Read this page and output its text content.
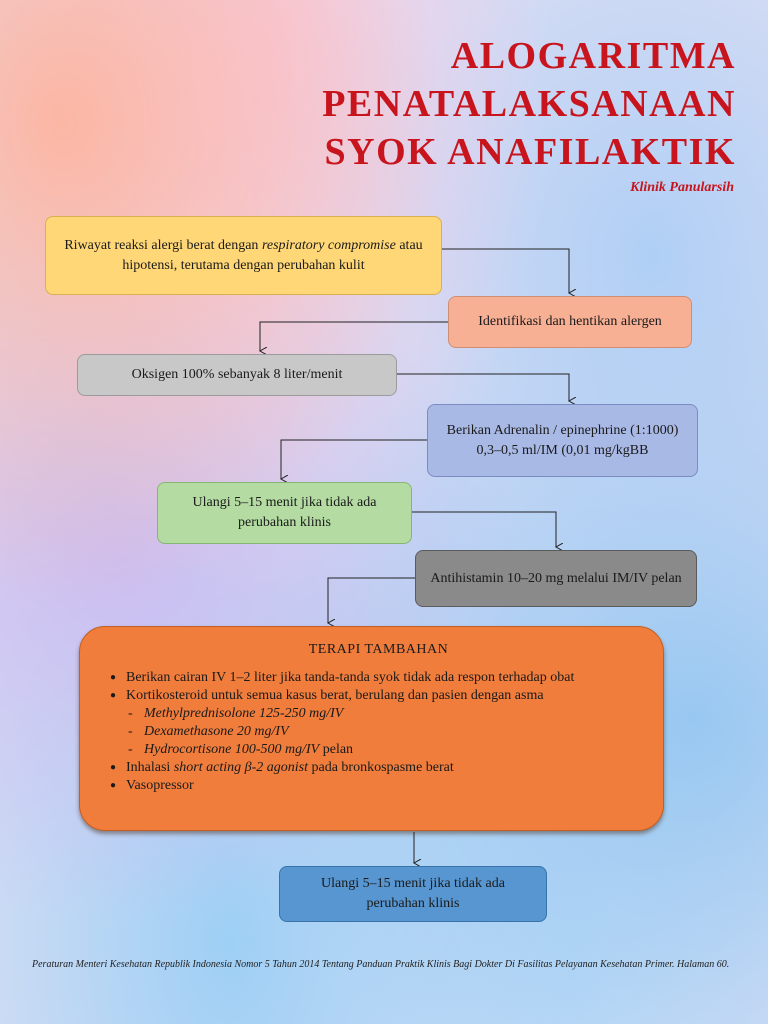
ALOGARITMA
PENATALAKSANAAN
SYOK ANAFILAKTIK
Klinik Panularsih
Riwayat reaksi alergi berat dengan respiratory compromise atau hipotensi, terutama dengan perubahan kulit
Identifikasi dan hentikan alergen
Oksigen 100% sebanyak 8 liter/menit
Berikan Adrenalin / epinephrine (1:1000) 0,3–0,5 ml/IM (0,01 mg/kgBB
Ulangi 5–15 menit jika tidak ada perubahan klinis
Antihistamin 10–20 mg melalui IM/IV pelan
TERAPI TAMBAHAN
● Berikan cairan IV 1–2 liter jika tanda-tanda syok tidak ada respon terhadap obat
● Kortikosteroid untuk semua kasus berat, berulang dan pasien dengan asma
- Methylprednisolone 125-250 mg/IV
- Dexamethasone 20 mg/IV
- Hydrocortisone 100-500 mg/IV pelan
● Inhalasi short acting β-2 agonist pada bronkospasme berat
● Vasopressor
Ulangi 5–15 menit jika tidak ada perubahan klinis
Peraturan Menteri Kesehatan Republik Indonesia Nomor 5 Tahun 2014 Tentang Panduan Praktik Klinis Bagi Dokter Di Fasilitas Pelayanan Kesehatan Primer. Halaman 60.
